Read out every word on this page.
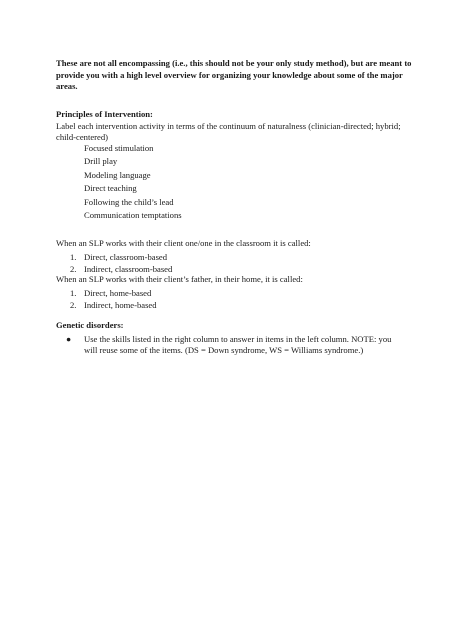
These are not all encompassing (i.e., this should not be your only study method), but are meant to provide you with a high level overview for organizing your knowledge about some of the major areas.
Principles of Intervention:
Label each intervention activity in terms of the continuum of naturalness (clinician-directed; hybrid; child-centered)
Focused stimulation
Drill play
Modeling language
Direct teaching
Following the child’s lead
Communication temptations
When an SLP works with their client one/one in the classroom it is called:
1. Direct, classroom-based
2. Indirect, classroom-based
When an SLP works with their client’s father, in their home, it is called:
1. Direct, home-based
2. Indirect, home-based
Genetic disorders:
●	Use the skills listed in the right column to answer in items in the left column. NOTE: you will reuse some of the items. (DS = Down syndrome, WS = Williams syndrome.)
